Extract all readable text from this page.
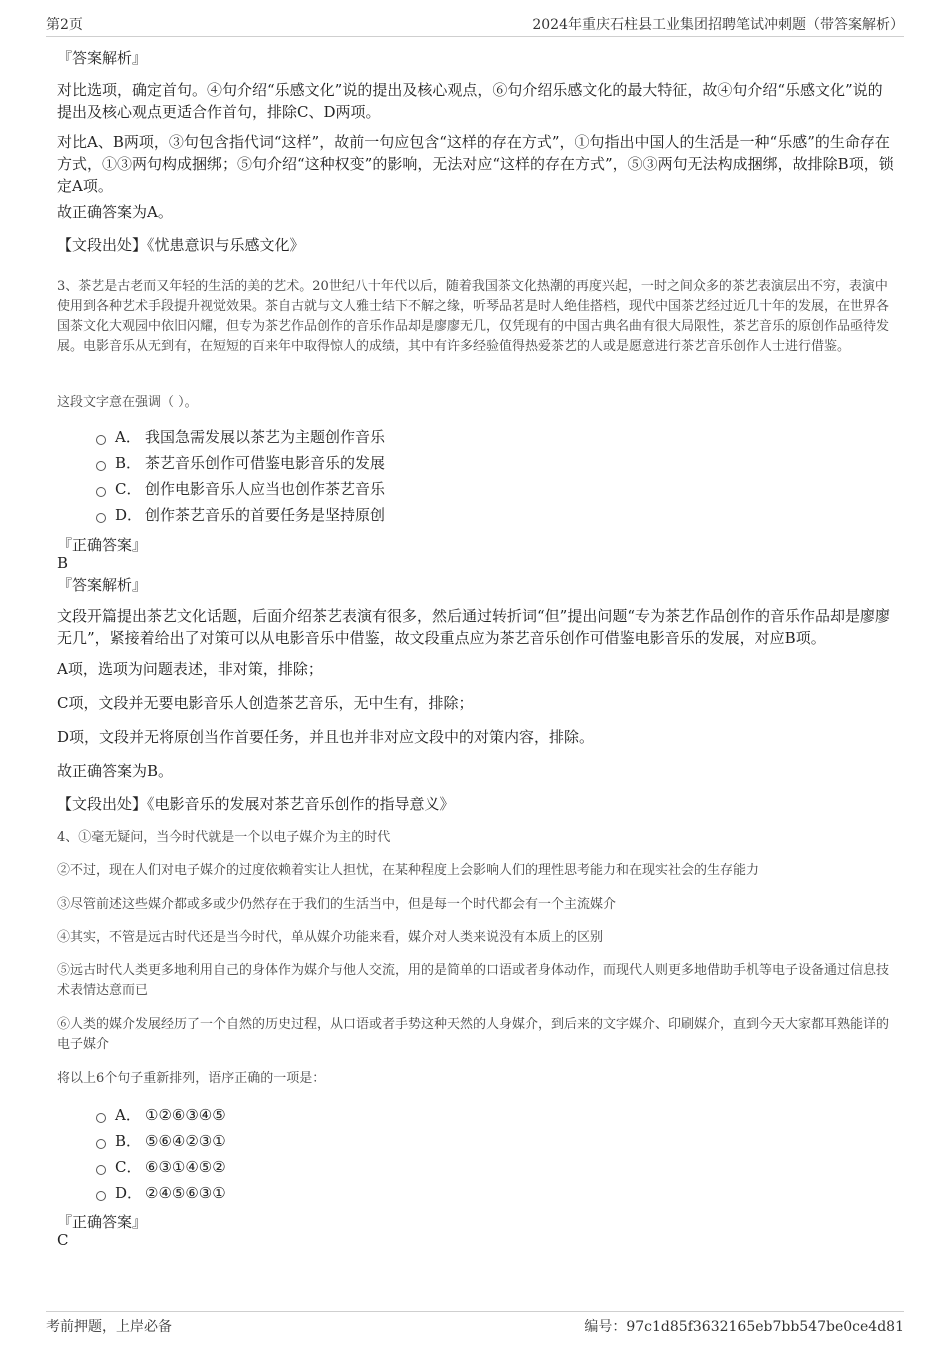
第2页	2024年重庆石柱县工业集团招聘笔试冲刺题（带答案解析）
『答案解析』
对比选项，确定首句。④句介绍“乐感文化”说的提出及核心观点，⑥句介绍乐感文化的最大特征，故④句介绍“乐感文化”说的提出及核心观点更适合作首句，排除C、D两项。
对比A、B两项，③句包含指代词“这样”，故前一句应包含“这样的存在方式”，①句指出中国人的生活是一种“乐感”的生命存在方式，①③两句构成捆绑；⑤句介绍“这种权变”的影响，无法对应“这样的存在方式”，⑤③两句无法构成捆绑，故排除B项，锁定A项。
故正确答案为A。
【文段出处】《忧患意识与乐感文化》
3、茶艺是古老而又年轻的生活的美的艺术。20世纪八十年代以后，随着我国茶文化热潮的再度兴起，一时之间众多的茶艺表演层出不穷，表演中使用到各种艺术手段提升视觉效果。茶自古就与文人雅士结下不解之缘，听琴品茗是时人绝佳搭档，现代中国茶艺经过近几十年的发展，在世界各国茶文化大观园中依旧闪耀，但专为茶艺作品创作的音乐作品却是廖廖无几，仅凭现有的中国古典名曲有很大局限性，茶艺音乐的原创作品亟待发展。电影音乐从无到有，在短短的百来年中取得惊人的成绩，其中有许多经验值得热爱茶艺的人或是愿意进行茶艺音乐创作人士进行借鉴。
这段文字意在强调（ ）。
A． 我国急需发展以茶艺为主题创作音乐
B． 茶艺音乐创作可借鉴电影音乐的发展
C． 创作电影音乐人应当也创作茶艺音乐
D． 创作茶艺音乐的首要任务是坚持原创
『正确答案』
B
『答案解析』
文段开篇提出茶艺文化话题，后面介绍茶艺表演有很多，然后通过转折词“但”提出问题“专为茶艺作品创作的音乐作品却是廖廖无几”，紧接着给出了对策可以从电影音乐中借鉴，故文段重点应为茶艺音乐创作可借鉴电影音乐的发展，对应B项。
A项，选项为问题表述，非对策，排除；
C项，文段并无要电影音乐人创造茶艺音乐，无中生有，排除；
D项，文段并无将原创当作首要任务，并且也并非对应文段中的对策内容，排除。
故正确答案为B。
【文段出处】《电影音乐的发展对茶艺音乐创作的指导意义》
4、①毫无疑问，当今时代就是一个以电子媒介为主的时代
②不过，现在人们对电子媒介的过度依赖着实让人担忧，在某种程度上会影响人们的理性思考能力和在现实社会的生存能力
③尽管前述这些媒介都或多或少仍然存在于我们的生活当中，但是每一个时代都会有一个主流媒介
④其实，不管是远古时代还是当今时代，单从媒介功能来看，媒介对人类来说没有本质上的区别
⑤远古时代人类更多地利用自己的身体作为媒介与他人交流，用的是简单的口语或者身体动作，而现代人则更多地借助手机等电子设备通过信息技术表情达意而已
⑥人类的媒介发展经历了一个自然的历史过程，从口语或者手势这种天然的人身媒介，到后来的文字媒介、印刷媒介，直到今天大家都耳熟能详的电子媒介
将以上6个句子重新排列，语序正确的一项是：
A． ①②⑥③④⑤
B． ⑤⑥④②③①
C． ⑥③①④⑤②
D． ②④⑤⑥③①
『正确答案』
C
考前押题，上岸必备	编号：97c1d85f3632165eb7bb547be0ce4d81
